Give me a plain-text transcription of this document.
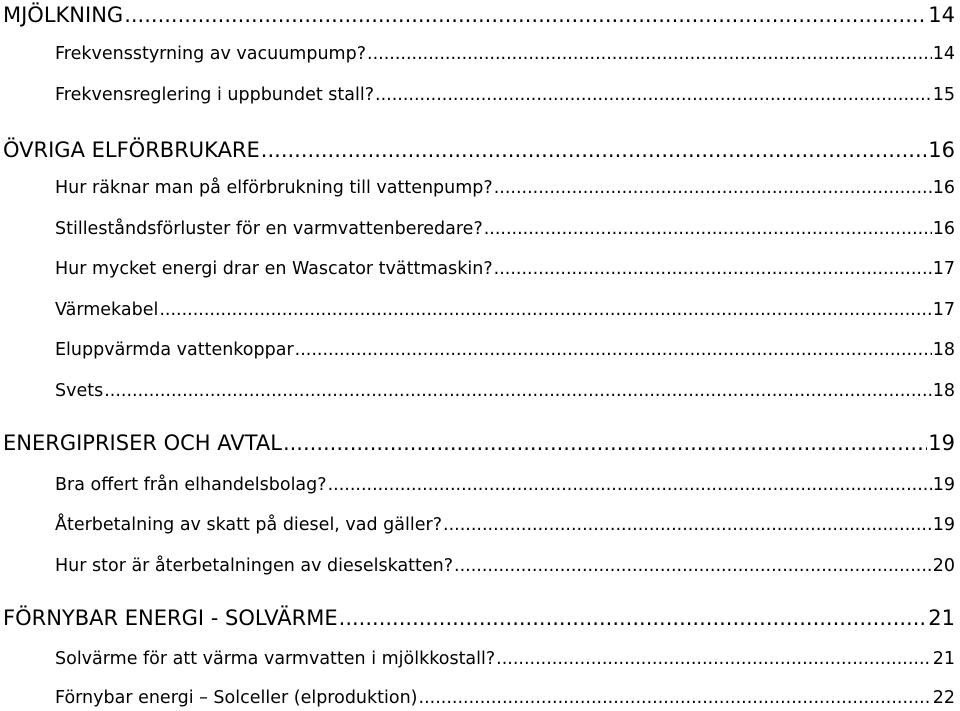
MJÖLKNING .....	14
Frekvensstyrning av vacuumpump? .....	14
Frekvensreglering i uppbundet stall? .....	15
ÖVRIGA ELFÖRBRUKARE .....	16
Hur räknar man på elförbrukning till vattenpump? .....	16
Stilleståndsförluster för en varmvattenberedare? .....	16
Hur mycket energi drar en Wascator tvättmaskin? .....	17
Värmekabel .....	17
Eluppvärmda vattenkoppar .....	18
Svets .....	18
ENERGIPRISER OCH AVTAL .....	19
Bra offert från elhandelsbolag? .....	19
Återbetalning av skatt på diesel, vad gäller? .....	19
Hur stor är återbetalningen av dieselskatten? .....	20
FÖRNYBAR ENERGI - SOLVÄRME .....	21
Solvärme för att värma varmvatten i mjölkkostall? .....	21
Förnybar energi – Solceller (elproduktion) .....	22
